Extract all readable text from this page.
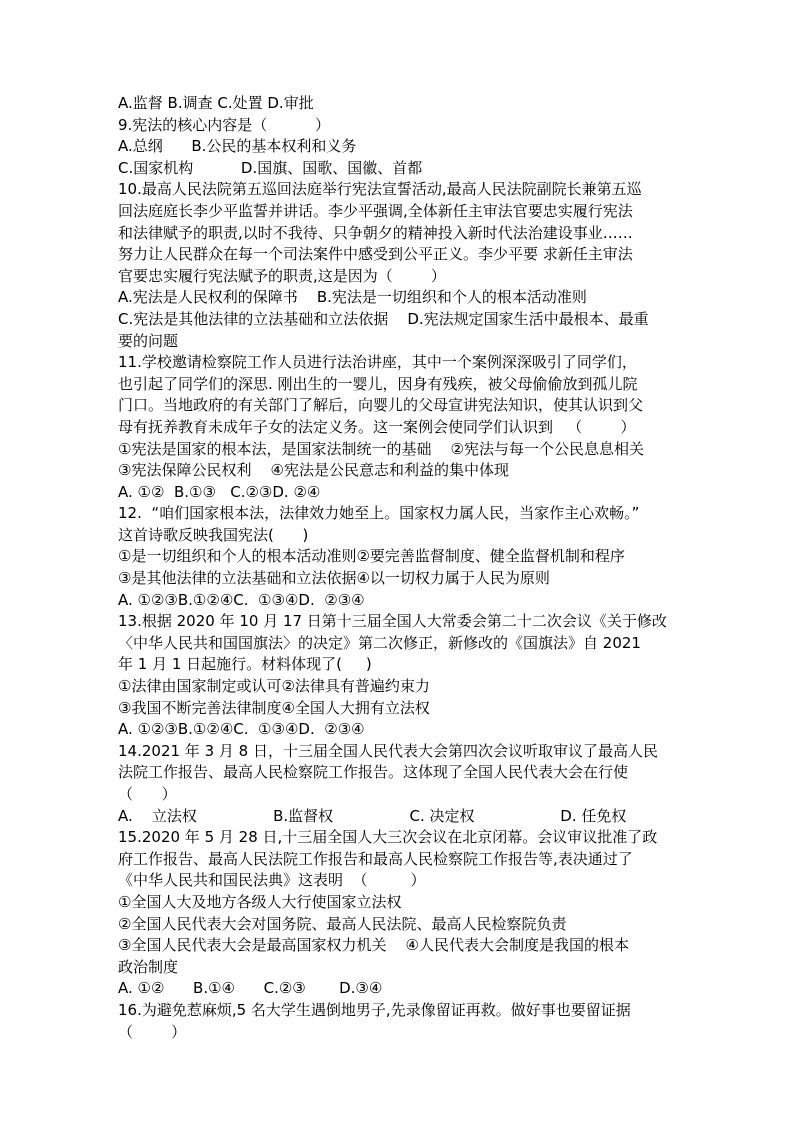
A.监督 B.调查 C.处置 D.审批
9.宪法的核心内容是（          ）
A.总纲      B.公民的基本权利和义务
C.国家机构          D.国旗、国歌、国徽、首都
10.最高人民法院第五巡回法庭举行宪法宣誓活动,最高人民法院副院长兼第五巡
回法庭庭长李少平监誓并讲话。李少平强调,全体新任主审法官要忠实履行宪法
和法律赋予的职责,以时不我待、只争朝夕的精神投入新时代法治建设事业……
努力让人民群众在每一个司法案件中感受到公平正义。李少平要 求新任主审法
官要忠实履行宪法赋予的职责,这是因为（        ）
A.宪法是人民权利的保障书    B.宪法是一切组织和个人的根本活动准则
C.宪法是其他法律的立法基础和立法依据    D.宪法规定国家生活中最根本、最重
要的问题
11.学校邀请检察院工作人员进行法治讲座，其中一个案例深深吸引了同学们，
也引起了同学们的深思. 刚出生的一婴儿，因身有残疾，被父母偷偷放到孤儿院
门口。当地政府的有关部门了解后，向婴儿的父母宣讲宪法知识，使其认识到父
母有抚养教育未成年子女的法定义务。这一案例会使同学们认识到   （        ）
①宪法是国家的根本法，是国家法制统一的基础    ②宪法与每一个公民息息相关
③宪法保障公民权利    ④宪法是公民意志和利益的集中体现
A. ①②  B.①③   C.②③D. ②④
12.  “咱们国家根本法，法律效力她至上。国家权力属人民，当家作主心欢畅。”
这首诗歌反映我国宪法(      )
①是一切组织和个人的根本活动准则②要完善监督制度、健全监督机制和程序
③是其他法律的立法基础和立法依据④以一切权力属于人民为原则
A. ①②③B.①②④C.  ①③④D.  ②③④
13.根据 2020 年 10 月 17 日第十三届全国人大常委会第二十二次会议《关于修改
〈中华人民共和国国旗法〉的决定》第二次修正，新修改的《国旗法》自 2021
年 1 月 1 日起施行。材料体现了(     )
①法律由国家制定或认可②法律具有普遍约束力
③我国不断完善法律制度④全国人大拥有立法权
A. ①②③B.①②④C.  ①③④D.  ②③④
14.2021 年 3 月 8 日，十三届全国人民代表大会第四次会议听取审议了最高人民
法院工作报告、最高人民检察院工作报告。这体现了全国人民代表大会在行使
（      ）
A.    立法权                B.监督权                C. 决定权                  D. 任免权
15.2020 年 5 月 28 日,十三届全国人大三次会议在北京闭幕。会议审议批准了政
府工作报告、最高人民法院工作报告和最高人民检察院工作报告等,表决通过了
《中华人民共和国民法典》这表明  （         ）
①全国人大及地方各级人大行使国家立法权
②全国人民代表大会对国务院、最高人民法院、最高人民检察院负责
③全国人民代表大会是最高国家权力机关    ④人民代表大会制度是我国的根本
政治制度
A. ①②      B.①④      C.②③       D.③④
16.为避免惹麻烦,5 名大学生遇倒地男子,先录像留证再救。做好事也要留证据
（        ）
